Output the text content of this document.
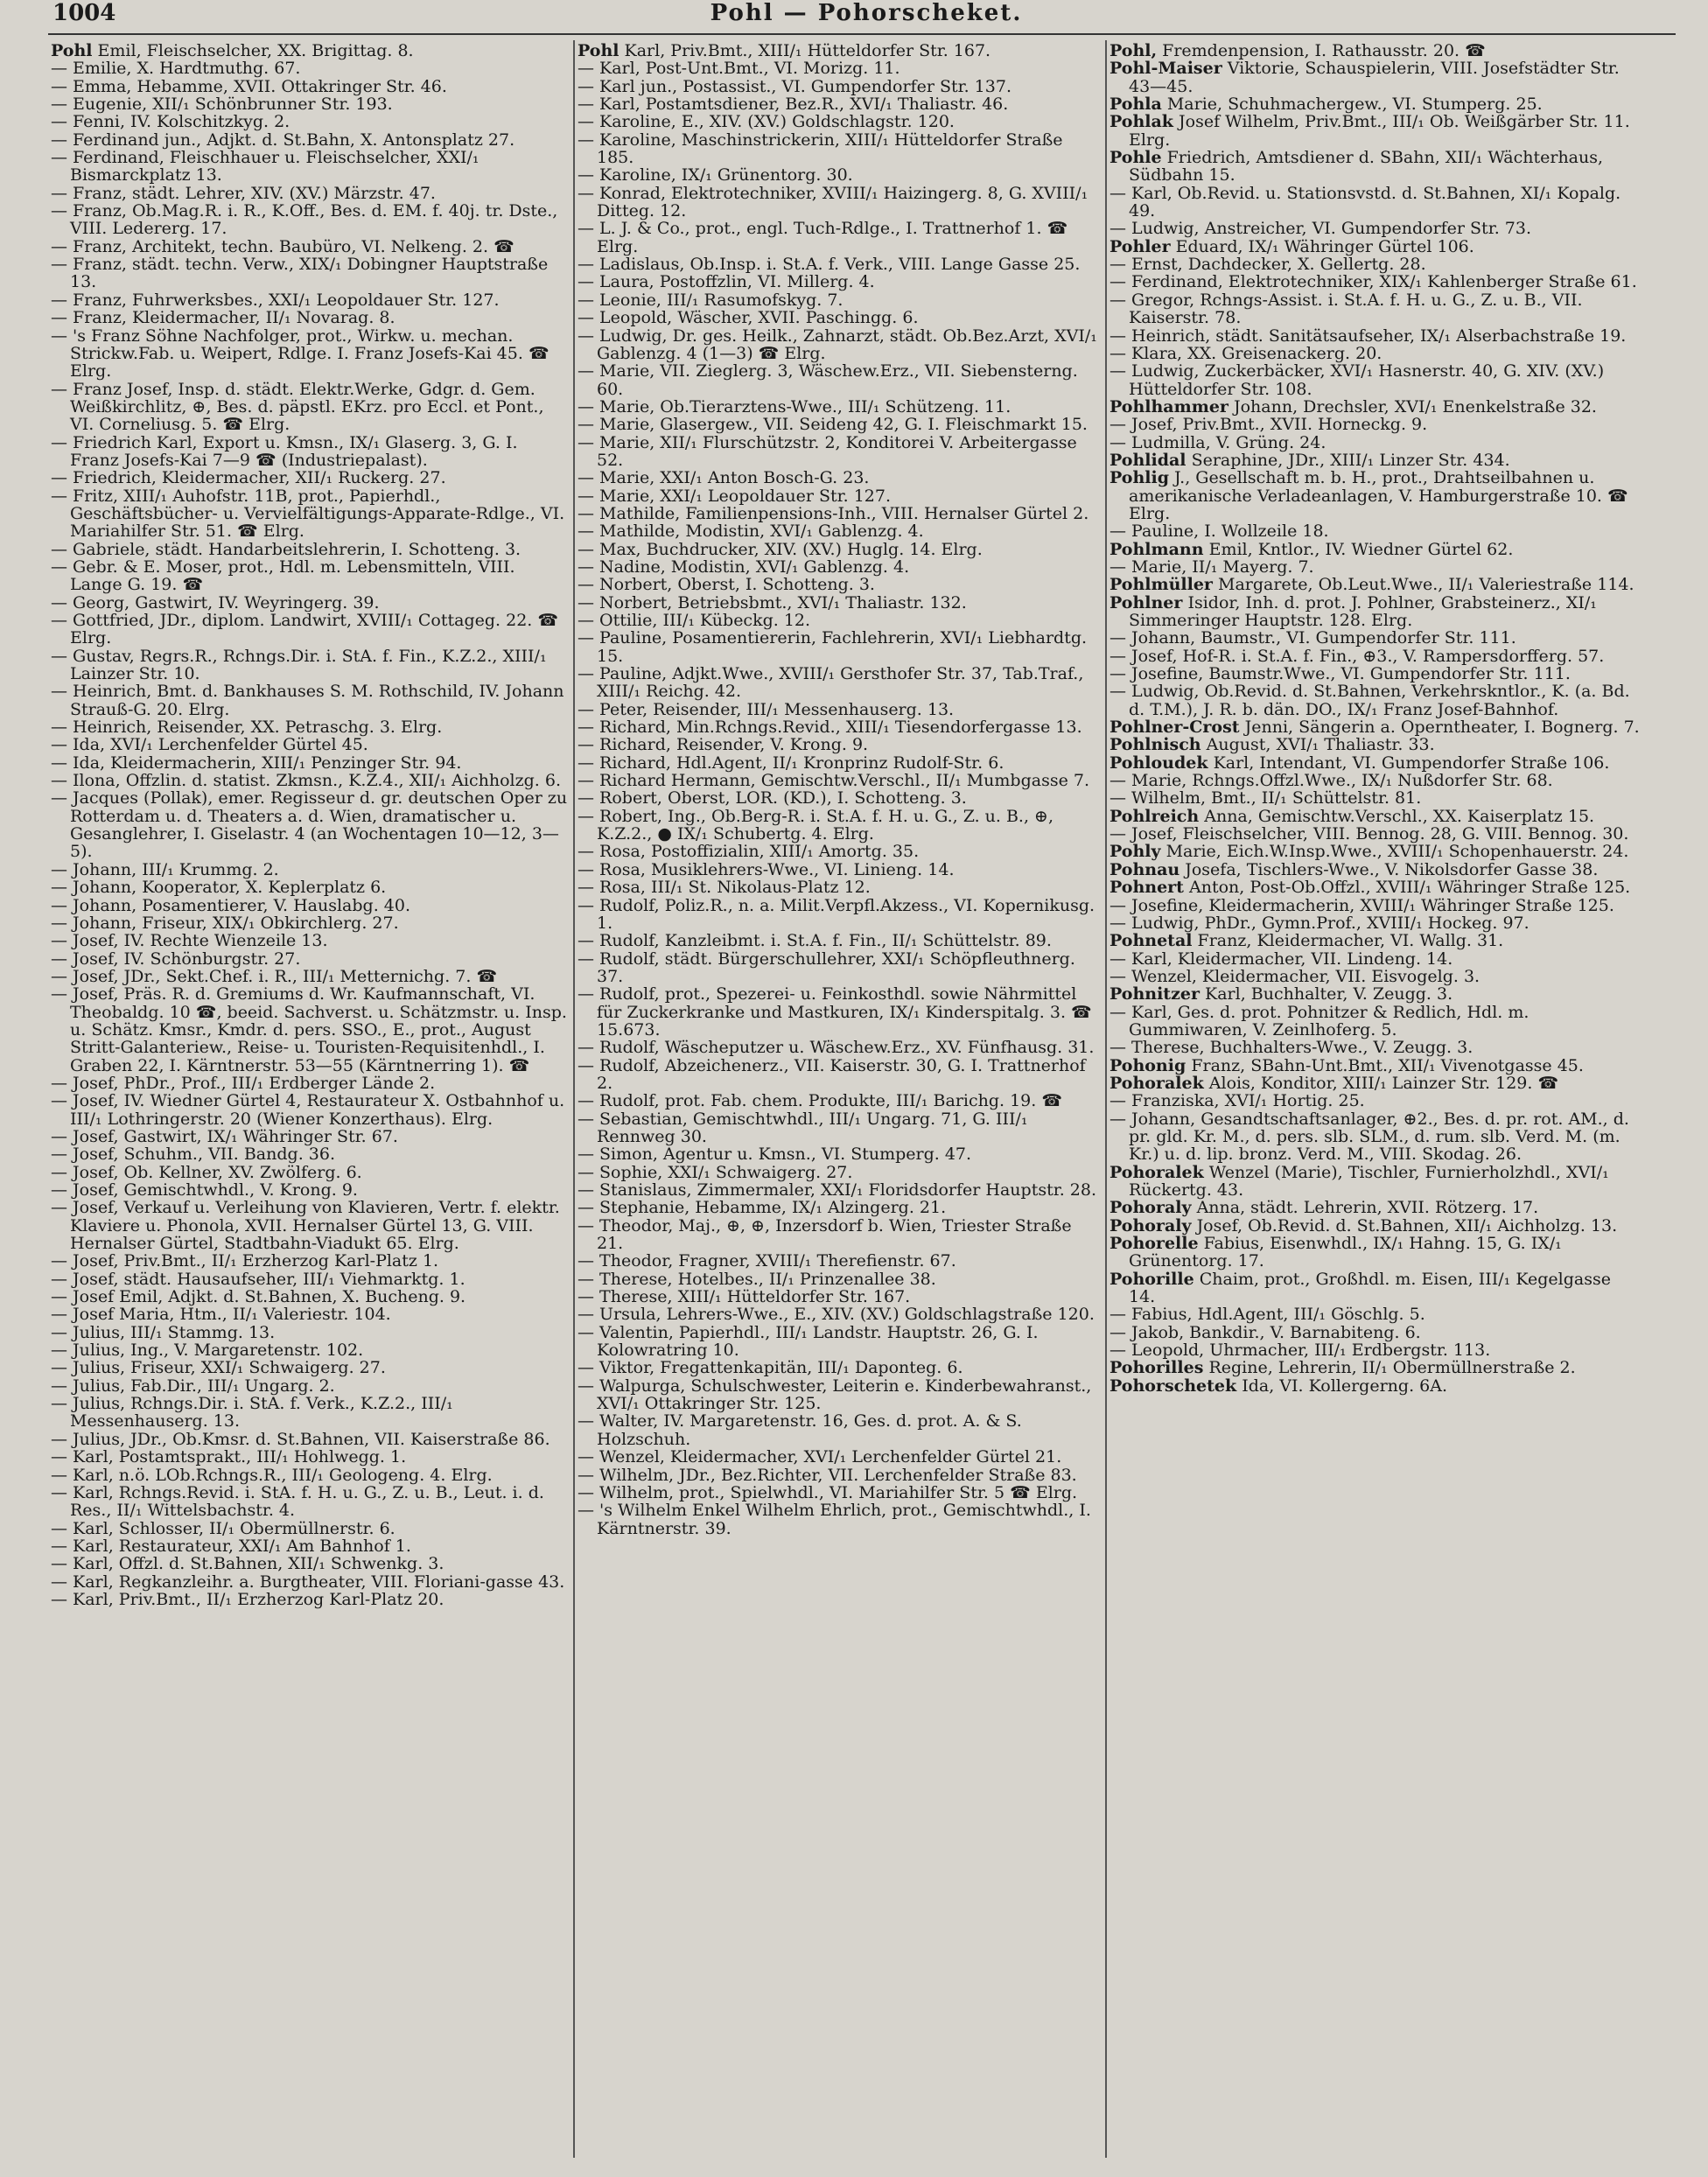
1004	Pohl — Pohorscheket.

Pohl Emil, Fleischselcher, XX. Brigittag. 8.

— Emilie, X. Hardtmuthg. 67.

— Emma, Hebamme, XVII. Ottakringer Str. 46.

— Eugenie, XII/₁ Schönbrunner Str. 193.

— Fenni, IV. Kolschitzkyg. 2.

— Ferdinand jun., Adjkt. d. St.Bahn, X. Antonsplatz 27.

— Ferdinand, Fleischhauer u. Fleischselcher, XXI/₁ Bismarckplatz 13.

— Franz, städt. Lehrer, XIV. (XV.) Märzstr. 47.

— Franz, Ob.Mag.R. i. R., K.Off., Bes. d. EM. f. 40j. tr. Dste., VIII. Ledererg. 17.

— Franz, Architekt, techn. Baubüro, VI. Nelkeng. 2. ☎

— Franz, städt. techn. Verw., XIX/₁ Dobingner Hauptstraße 13.

— Franz, Fuhrwerksbes., XXI/₁ Leopoldauer Str. 127.

— Franz, Kleidermacher, II/₁ Novarag. 8.

— 's Franz Söhne Nachfolger, prot., Wirkw. u. mechan. Strickw.Fab. u. Weipert, Rdlge. I. Franz Josefs-Kai 45. ☎ Elrg.

— Franz Josef, Insp. d. städt. Elektr.Werke, Gdgr. d. Gem. Weißkirchlitz, ⊕, Bes. d. päpstl. EKrz. pro Eccl. et Pont., VI. Corneliusg. 5. ☎ Elrg.

— Friedrich Karl, Export u. Kmsn., IX/₁ Glaserg. 3, G. I. Franz Josefs-Kai 7—9 ☎ (Industriepalast).

— Friedrich, Kleidermacher, XII/₁ Ruckerg. 27.

— Fritz, XIII/₁ Auhofstr. 11B, prot., Papierhdl., Geschäftsbücher- u. Vervielfältigungs-Apparate-Rdlge., VI. Mariahilfer Str. 51. ☎ Elrg.

— Gabriele, städt. Handarbeitslehrerin, I. Schotteng. 3.

— Gebr. & E. Moser, prot., Hdl. m. Lebensmitteln, VIII. Lange G. 19. ☎

— Georg, Gastwirt, IV. Weyringerg. 39.

— Gottfried, JDr., diplom. Landwirt, XVIII/₁ Cottageg. 22. ☎ Elrg.

— Gustav, Regrs.R., Rchngs.Dir. i. StA. f. Fin., K.Z.2., XIII/₁ Lainzer Str. 10.

— Heinrich, Bmt. d. Bankhauses S. M. Rothschild, IV. Johann Strauß-G. 20. Elrg.

— Heinrich, Reisender, XX. Petraschg. 3. Elrg.

— Ida, XVI/₁ Lerchenfelder Gürtel 45.

— Ida, Kleidermacherin, XIII/₁ Penzinger Str. 94.

— Ilona, Offzlin. d. statist. Zkmsn., K.Z.4., XII/₁ Aichholzg. 6.

— Jacques (Pollak), emer. Regisseur d. gr. deutschen Oper zu Rotterdam u. d. Theaters a. d. Wien, dramatischer u. Gesanglehrer, I. Giselastr. 4 (an Wochentagen 10—12, 3—5).

— Johann, III/₁ Krummg. 2.

— Johann, Kooperator, X. Keplerplatz 6.

— Johann, Posamentierer, V. Hauslabg. 40.

— Johann, Friseur, XIX/₁ Obkirchlerg. 27.

— Josef, IV. Rechte Wienzeile 13.

— Josef, IV. Schönburgstr. 27.

— Josef, JDr., Sekt.Chef. i. R., III/₁ Metternichg. 7. ☎

— Josef, Präs. R. d. Gremiums d. Wr. Kaufmannschaft, VI. Theobaldg. 10 ☎, beeid. Sachverst. u. Schätzmstr. u. Insp. u. Schätz. Kmsr., Kmdr. d. pers. SSO., E., prot., August Stritt-Galanteriew., Reise- u. Touristen-Requisitenhdl., I. Graben 22, I. Kärntnerstr. 53—55 (Kärntnerring 1). ☎

— Josef, PhDr., Prof., III/₁ Erdberger Lände 2.

— Josef, IV. Wiedner Gürtel 4, Restaurateur X. Ostbahnhof u. III/₁ Lothringerstr. 20 (Wiener Konzerthaus). Elrg.

— Josef, Gastwirt, IX/₁ Währinger Str. 67.

— Josef, Schuhm., VII. Bandg. 36.

— Josef, Ob. Kellner, XV. Zwölferg. 6.

— Josef, Gemischtwhdl., V. Krong. 9.

— Josef, Verkauf u. Verleihung von Klavieren, Vertr. f. elektr. Klaviere u. Phonola, XVII. Hernalser Gürtel 13, G. VIII. Hernalser Gürtel, Stadtbahn-Viadukt 65. Elrg.

— Josef, Priv.Bmt., II/₁ Erzherzog Karl-Platz 1.

— Josef, städt. Hausaufseher, III/₁ Viehmarktg. 1.

— Josef Emil, Adjkt. d. St.Bahnen, X. Bucheng. 9.

— Josef Maria, Htm., II/₁ Valeriestr. 104.

— Julius, III/₁ Stammg. 13.

— Julius, Ing., V. Margaretenstr. 102.

— Julius, Friseur, XXI/₁ Schwaigerg. 27.

— Julius, Fab.Dir., III/₁ Ungarg. 2.

— Julius, Rchngs.Dir. i. StA. f. Verk., K.Z.2., III/₁ Messenhauserg. 13.

— Julius, JDr., Ob.Kmsr. d. St.Bahnen, VII. Kaiserstraße 86.

— Karl, Postamtsprakt., III/₁ Hohlwegg. 1.

— Karl, n.ö. LOb.Rchngs.R., III/₁ Geologeng. 4. Elrg.

— Karl, Rchngs.Revid. i. StA. f. H. u. G., Z. u. B., Leut. i. d. Res., II/₁ Wittelsbachstr. 4.

— Karl, Schlosser, II/₁ Obermüllnerstr. 6.

— Karl, Restaurateur, XXI/₁ Am Bahnhof 1.

— Karl, Offzl. d. St.Bahnen, XII/₁ Schwenkg. 3.

— Karl, Regkanzleihr. a. Burgtheater, VIII. Floriani-gasse 43.

— Karl, Priv.Bmt., II/₁ Erzherzog Karl-Platz 20.

Pohl Karl, Priv.Bmt., XIII/₁ Hütteldorfer Str. 167.

— Karl, Post-Unt.Bmt., VI. Morizg. 11.

— Karl jun., Postassist., VI. Gumpendorfer Str. 137.

— Karl, Postamtsdiener, Bez.R., XVI/₁ Thaliastr. 46.

— Karoline, E., XIV. (XV.) Goldschlagstr. 120.

— Karoline, Maschinstrickerin, XIII/₁ Hütteldorfer Straße 185.

— Karoline, IX/₁ Grünentorg. 30.

— Konrad, Elektrotechniker, XVIII/₁ Haizingerg. 8, G. XVIII/₁ Ditteg. 12.

— L. J. & Co., prot., engl. Tuch-Rdlge., I. Trattnerhof 1. ☎ Elrg.

— Ladislaus, Ob.Insp. i. St.A. f. Verk., VIII. Lange Gasse 25.

— Laura, Postoffzlin, VI. Millerg. 4.

— Leonie, III/₁ Rasumofskyg. 7.

— Leopold, Wäscher, XVII. Paschingg. 6.

— Ludwig, Dr. ges. Heilk., Zahnarzt, städt. Ob.Bez.Arzt, XVI/₁ Gablenzg. 4 (1—3) ☎ Elrg.

— Marie, VII. Zieglerg. 3, Wäschew.Erz., VII. Siebensterng. 60.

— Marie, Ob.Tierarztens-Wwe., III/₁ Schützeng. 11.

— Marie, Glasergew., VII. Seideng 42, G. I. Fleischmarkt 15.

— Marie, XII/₁ Flurschützstr. 2, Konditorei V. Arbeitergasse 52.

— Marie, XXI/₁ Anton Bosch-G. 23.

— Marie, XXI/₁ Leopoldauer Str. 127.

— Mathilde, Familienpensions-Inh., VIII. Hernalser Gürtel 2.

— Mathilde, Modistin, XVI/₁ Gablenzg. 4.

— Max, Buchdrucker, XIV. (XV.) Huglg. 14. Elrg.

— Nadine, Modistin, XVI/₁ Gablenzg. 4.

— Norbert, Oberst, I. Schotteng. 3.

— Norbert, Betriebsbmt., XVI/₁ Thaliastr. 132.

— Ottilie, III/₁ Kübeckg. 12.

— Pauline, Posamentiererin, Fachlehrerin, XVI/₁ Liebhardtg. 15.

— Pauline, Adjkt.Wwe., XVIII/₁ Gersthofer Str. 37, Tab.Traf., XIII/₁ Reichg. 42.

— Peter, Reisender, III/₁ Messenhauserg. 13.

— Richard, Min.Rchngs.Revid., XIII/₁ Tiesendorfergasse 13.

— Richard, Reisender, V. Krong. 9.

— Richard, Hdl.Agent, II/₁ Kronprinz Rudolf-Str. 6.

— Richard Hermann, Gemischtw.Verschl., II/₁ Mumbgasse 7.

— Robert, Oberst, LOR. (KD.), I. Schotteng. 3.

— Robert, Ing., Ob.Berg-R. i. St.A. f. H. u. G., Z. u. B., ⊕, K.Z.2., ● IX/₁ Schubertg. 4. Elrg.

— Rosa, Postoffizialin, XIII/₁ Amortg. 35.

— Rosa, Musiklehrers-Wwe., VI. Linieng. 14.

— Rosa, III/₁ St. Nikolaus-Platz 12.

— Rudolf, Poliz.R., n. a. Milit.Verpfl.Akzess., VI. Kopernikusg. 1.

— Rudolf, Kanzleibmt. i. St.A. f. Fin., II/₁ Schüttelstr. 89.

— Rudolf, städt. Bürgerschullehrer, XXI/₁ Schöpfleuthnerg. 37.

— Rudolf, prot., Spezerei- u. Feinkosthdl. sowie Nährmittel für Zuckerkranke und Mastkuren, IX/₁ Kinderspitalg. 3. ☎ 15.673.

— Rudolf, Wäscheputzer u. Wäschew.Erz., XV. Fünfhausg. 31.

— Rudolf, Abzeichenerz., VII. Kaiserstr. 30, G. I. Trattnerhof 2.

— Rudolf, prot. Fab. chem. Produkte, III/₁ Barichg. 19. ☎

— Sebastian, Gemischtwhdl., III/₁ Ungarg. 71, G. III/₁ Rennweg 30.

— Simon, Agentur u. Kmsn., VI. Stumperg. 47.

— Sophie, XXI/₁ Schwaigerg. 27.

— Stanislaus, Zimmermaler, XXI/₁ Floridsdorfer Hauptstr. 28.

— Stephanie, Hebamme, IX/₁ Alzingerg. 21.

— Theodor, Maj., ⊕, ⊕, Inzersdorf b. Wien, Triester Straße 21.

— Theodor, Fragner, XVIII/₁ Therefienstr. 67.

— Therese, Hotelbes., II/₁ Prinzenallee 38.

— Therese, XIII/₁ Hütteldorfer Str. 167.

— Ursula, Lehrers-Wwe., E., XIV. (XV.) Goldschlagstraße 120.

— Valentin, Papierhdl., III/₁ Landstr. Hauptstr. 26, G. I. Kolowratring 10.

— Viktor, Fregattenkapitän, III/₁ Daponteg. 6.

— Walpurga, Schulschwester, Leiterin e. Kinderbewahranst., XVI/₁ Ottakringer Str. 125.

— Walter, IV. Margaretenstr. 16, Ges. d. prot. A. & S. Holzschuh.

— Wenzel, Kleidermacher, XVI/₁ Lerchenfelder Gürtel 21.

— Wilhelm, JDr., Bez.Richter, VII. Lerchenfelder Straße 83.

— Wilhelm, prot., Spielwhdl., VI. Mariahilfer Str. 5 ☎ Elrg.

— 's Wilhelm Enkel Wilhelm Ehrlich, prot., Gemischtwhdl., I. Kärntnerstr. 39.

Pohl, Fremdenpension, I. Rathausstr. 20. ☎

Pohl-Maiser Viktorie, Schauspielerin, VIII. Josefstädter Str. 43—45.

Pohla Marie, Schuhmachergew., VI. Stumperg. 25.

Pohlak Josef Wilhelm, Priv.Bmt., III/₁ Ob. Weißgärber Str. 11. Elrg.

Pohle Friedrich, Amtsdiener d. SBahn, XII/₁ Wächterhaus, Südbahn 15.

— Karl, Ob.Revid. u. Stationsvstd. d. St.Bahnen, XI/₁ Kopalg. 49.

— Ludwig, Anstreicher, VI. Gumpendorfer Str. 73.

Pohler Eduard, IX/₁ Währinger Gürtel 106.

— Ernst, Dachdecker, X. Gellertg. 28.

— Ferdinand, Elektrotechniker, XIX/₁ Kahlenberger Straße 61.

— Gregor, Rchngs-Assist. i. St.A. f. H. u. G., Z. u. B., VII. Kaiserstr. 78.

— Heinrich, städt. Sanitätsaufseher, IX/₁ Alserbachstraße 19.

— Klara, XX. Greisenackerg. 20.

— Ludwig, Zuckerbäcker, XVI/₁ Hasnerstr. 40, G. XIV. (XV.) Hütteldorfer Str. 108.

Pohlhammer Johann, Drechsler, XVI/₁ Enenkelstraße 32.

— Josef, Priv.Bmt., XVII. Horneckg. 9.

— Ludmilla, V. Grüng. 24.

Pohlidal Seraphine, JDr., XIII/₁ Linzer Str. 434.

Pohlig J., Gesellschaft m. b. H., prot., Drahtseilbahnen u. amerikanische Verladeanlagen, V. Hamburgerstraße 10. ☎ Elrg.

— Pauline, I. Wollzeile 18.

Pohlmann Emil, Kntlor., IV. Wiedner Gürtel 62.

— Marie, II/₁ Mayerg. 7.

Pohlmüller Margarete, Ob.Leut.Wwe., II/₁ Valeriestraße 114.

Pohlner Isidor, Inh. d. prot. J. Pohlner, Grabsteinerz., XI/₁ Simmeringer Hauptstr. 128. Elrg.

— Johann, Baumstr., VI. Gumpendorfer Str. 111.

— Josef, Hof-R. i. St.A. f. Fin., ⊕3., V. Rampersdorfferg. 57.

— Josefine, Baumstr.Wwe., VI. Gumpendorfer Str. 111.

— Ludwig, Ob.Revid. d. St.Bahnen, Verkehrskntlor., K. (a. Bd. d. T.M.), J. R. b. dän. DO., IX/₁ Franz Josef-Bahnhof.

Pohlner-Crost Jenni, Sängerin a. Operntheater, I. Bognerg. 7.

Pohlnisch August, XVI/₁ Thaliastr. 33.

Pohloudek Karl, Intendant, VI. Gumpendorfer Straße 106.

— Marie, Rchngs.Offzl.Wwe., IX/₁ Nußdorfer Str. 68.

— Wilhelm, Bmt., II/₁ Schüttelstr. 81.

Pohlreich Anna, Gemischtw.Verschl., XX. Kaiserplatz 15.

— Josef, Fleischselcher, VIII. Bennog. 28, G. VIII. Bennog. 30.

Pohly Marie, Eich.W.Insp.Wwe., XVIII/₁ Schopenhauerstr. 24.

Pohnau Josefa, Tischlers-Wwe., V. Nikolsdorfer Gasse 38.

Pohnert Anton, Post-Ob.Offzl., XVIII/₁ Währinger Straße 125.

— Josefine, Kleidermacherin, XVIII/₁ Währinger Straße 125.

— Ludwig, PhDr., Gymn.Prof., XVIII/₁ Hockeg. 97.

Pohnetal Franz, Kleidermacher, VI. Wallg. 31.

— Karl, Kleidermacher, VII. Lindeng. 14.

— Wenzel, Kleidermacher, VII. Eisvogelg. 3.

Pohnitzer Karl, Buchhalter, V. Zeugg. 3.

— Karl, Ges. d. prot. Pohnitzer & Redlich, Hdl. m. Gummiwaren, V. Zeinlhoferg. 5.

— Therese, Buchhalters-Wwe., V. Zeugg. 3.

Pohonig Franz, SBahn-Unt.Bmt., XII/₁ Vivenotgasse 45.

Pohoralek Alois, Konditor, XIII/₁ Lainzer Str. 129. ☎

— Franziska, XVI/₁ Hortig. 25.

— Johann, Gesandtschaftsanlager, ⊕2., Bes. d. pr. rot. AM., d. pr. gld. Kr. M., d. pers. slb. SLM., d. rum. slb. Verd. M. (m. Kr.) u. d. lip. bronz. Verd. M., VIII. Skodag. 26.

Pohoralek Wenzel (Marie), Tischler, Furnierholzhdl., XVI/₁ Rückertg. 43.

Pohoraly Anna, städt. Lehrerin, XVII. Rötzerg. 17.

Pohoraly Josef, Ob.Revid. d. St.Bahnen, XII/₁ Aichholzg. 13.

Pohorelle Fabius, Eisenwhdl., IX/₁ Hahng. 15, G. IX/₁ Grünentorg. 17.

Pohorille Chaim, prot., Großhdl. m. Eisen, III/₁ Kegelgasse 14.

— Fabius, Hdl.Agent, III/₁ Göschlg. 5.

— Jakob, Bankdir., V. Barnabiteng. 6.

— Leopold, Uhrmacher, III/₁ Erdbergstr. 113.

Pohorilles Regine, Lehrerin, II/₁ Obermüllnerstraße 2.

Pohorschetek Ida, VI. Kollergerng. 6A.
